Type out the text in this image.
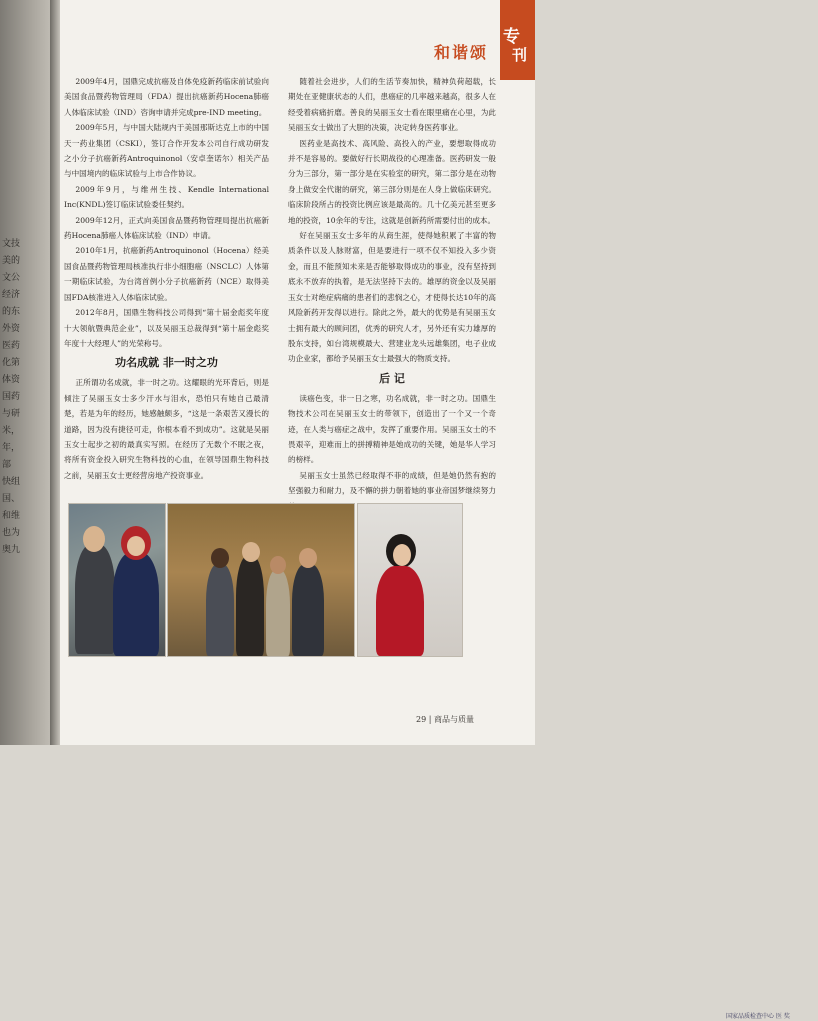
文技
美的
文公
经济
的东
外资
医药
化第
体资
国药
与研
米，
年，
部
快组
国、
和维
也为
奥九
专
刊
和谐颂

2009年4月，国鼎完成抗癌及自体免疫新药临床前试验向美国食品暨药物管理局（FDA）提出抗癌新药Hocena肺癌人体临床试验（IND）咨询申请并完成pre-IND meeting。

2009年5月，与中国大陆规内于美国那斯达克上市的中国天一药业集团（CSKI），签订合作开发本公司自行成功研发之小分子抗癌新药Antroquinonol（安卓奎诺尔）相关产品与中国境内的临床试验与上市合作协议。

2009年9月，与维州生技、Kendle International Inc(KNDL)签订临床试验委任契约。

2009年12月，正式向美国食品暨药物管理局提出抗癌新药Hocena肺癌人体临床试验（IND）申请。

2010年1月，抗癌新药Antroquinonol（Hocena）经美国食品暨药物管理局核准执行非小细胞癌（NSCLC）人体第一期临床试验，为台湾首例小分子抗癌新药（NCE）取得美国FDA核准进入人体临床试验。

2012年8月，国鼎生物科技公司得到“第十届金彪奖年度十大领航暨典范企业”，以及吴丽玉总裁得到“第十届金彪奖年度十大经理人”的光荣称号。

功名成就 非一时之功

正所谓功名成就，非一时之功。这耀眼的光环背后，则是倾注了吴丽玉女士多少汗水与泪水，恐怕只有她自己最清楚，若是为年的经历，她感触颇多，“这是一条艰苦又漫长的道路，因为没有捷径可走，你根本看不到成功”。这就是吴丽玉女士起步之初的最真实写照。在经历了无数个不眠之夜，将所有资金投入研究生物科技的心血，在领导国鼎生物科技之前，吴丽玉女士更经营房地产投资事业。

随着社会进步，人们的生活节奏加快，精神负荷超载，长期处在亚健康状态的人们，患癌症的几率越来越高，很多人在经受着病痛折磨。善良的吴丽玉女士看在眼里痛在心里，为此吴丽玉女士做出了大胆的决策，决定转身医药事业。

医药业是高技术、高风险、高投入的产业，要想取得成功并不是容易的。要做好行长期战役的心理准备。医药研发一般分为三部分，第一部分是在实验室的研究，第二部分是在动物身上做安全代谢的研究，第三部分则是在人身上做临床研究。临床阶段所占的投资比例应该是最高的。几十亿美元甚至更多地的投资，10余年的专注，这就是创新药所需要付出的成本。

好在吴丽玉女士多年的从商生涯，使得她积累了丰富的物质条件以及人脉财富，但是要进行一项不仅不知投入多少资金，而且不能预知未来是否能够取得成功的事业，没有坚持到底永不放弃的执着，是无法坚持下去的。雄厚的资金以及吴丽玉女士对绝症病痛的患者们的悲悯之心，才使得长达10年的高风险新药开发得以进行。除此之外，最大的优势是有吴丽玉女士拥有最大的顾问团，优秀的研究人才，另外还有实力雄厚的股东支持，如台湾规模最大、营建业龙头远雄集团，电子业成功企业家，都给予吴丽玉女士最强大的物质支持。

后 记

读癌色变，非一日之寒，功名成就，非一时之功。国鼎生物技术公司在吴丽玉女士的带领下，创造出了一个又一个奇迹，在人类与癌症之战中，发挥了重要作用。吴丽玉女士的不畏艰辛，迎难而上的拼搏精神是她成功的关键，她是华人学习的榜样。

吴丽玉女士虽然已经取得不菲的成绩，但是她仍然有抱的坚强毅力和耐力，及不懈的拼力朝着她的事业帝国梦继续努力

国家品质检查中心 医 奖
29 | 商品与质量
